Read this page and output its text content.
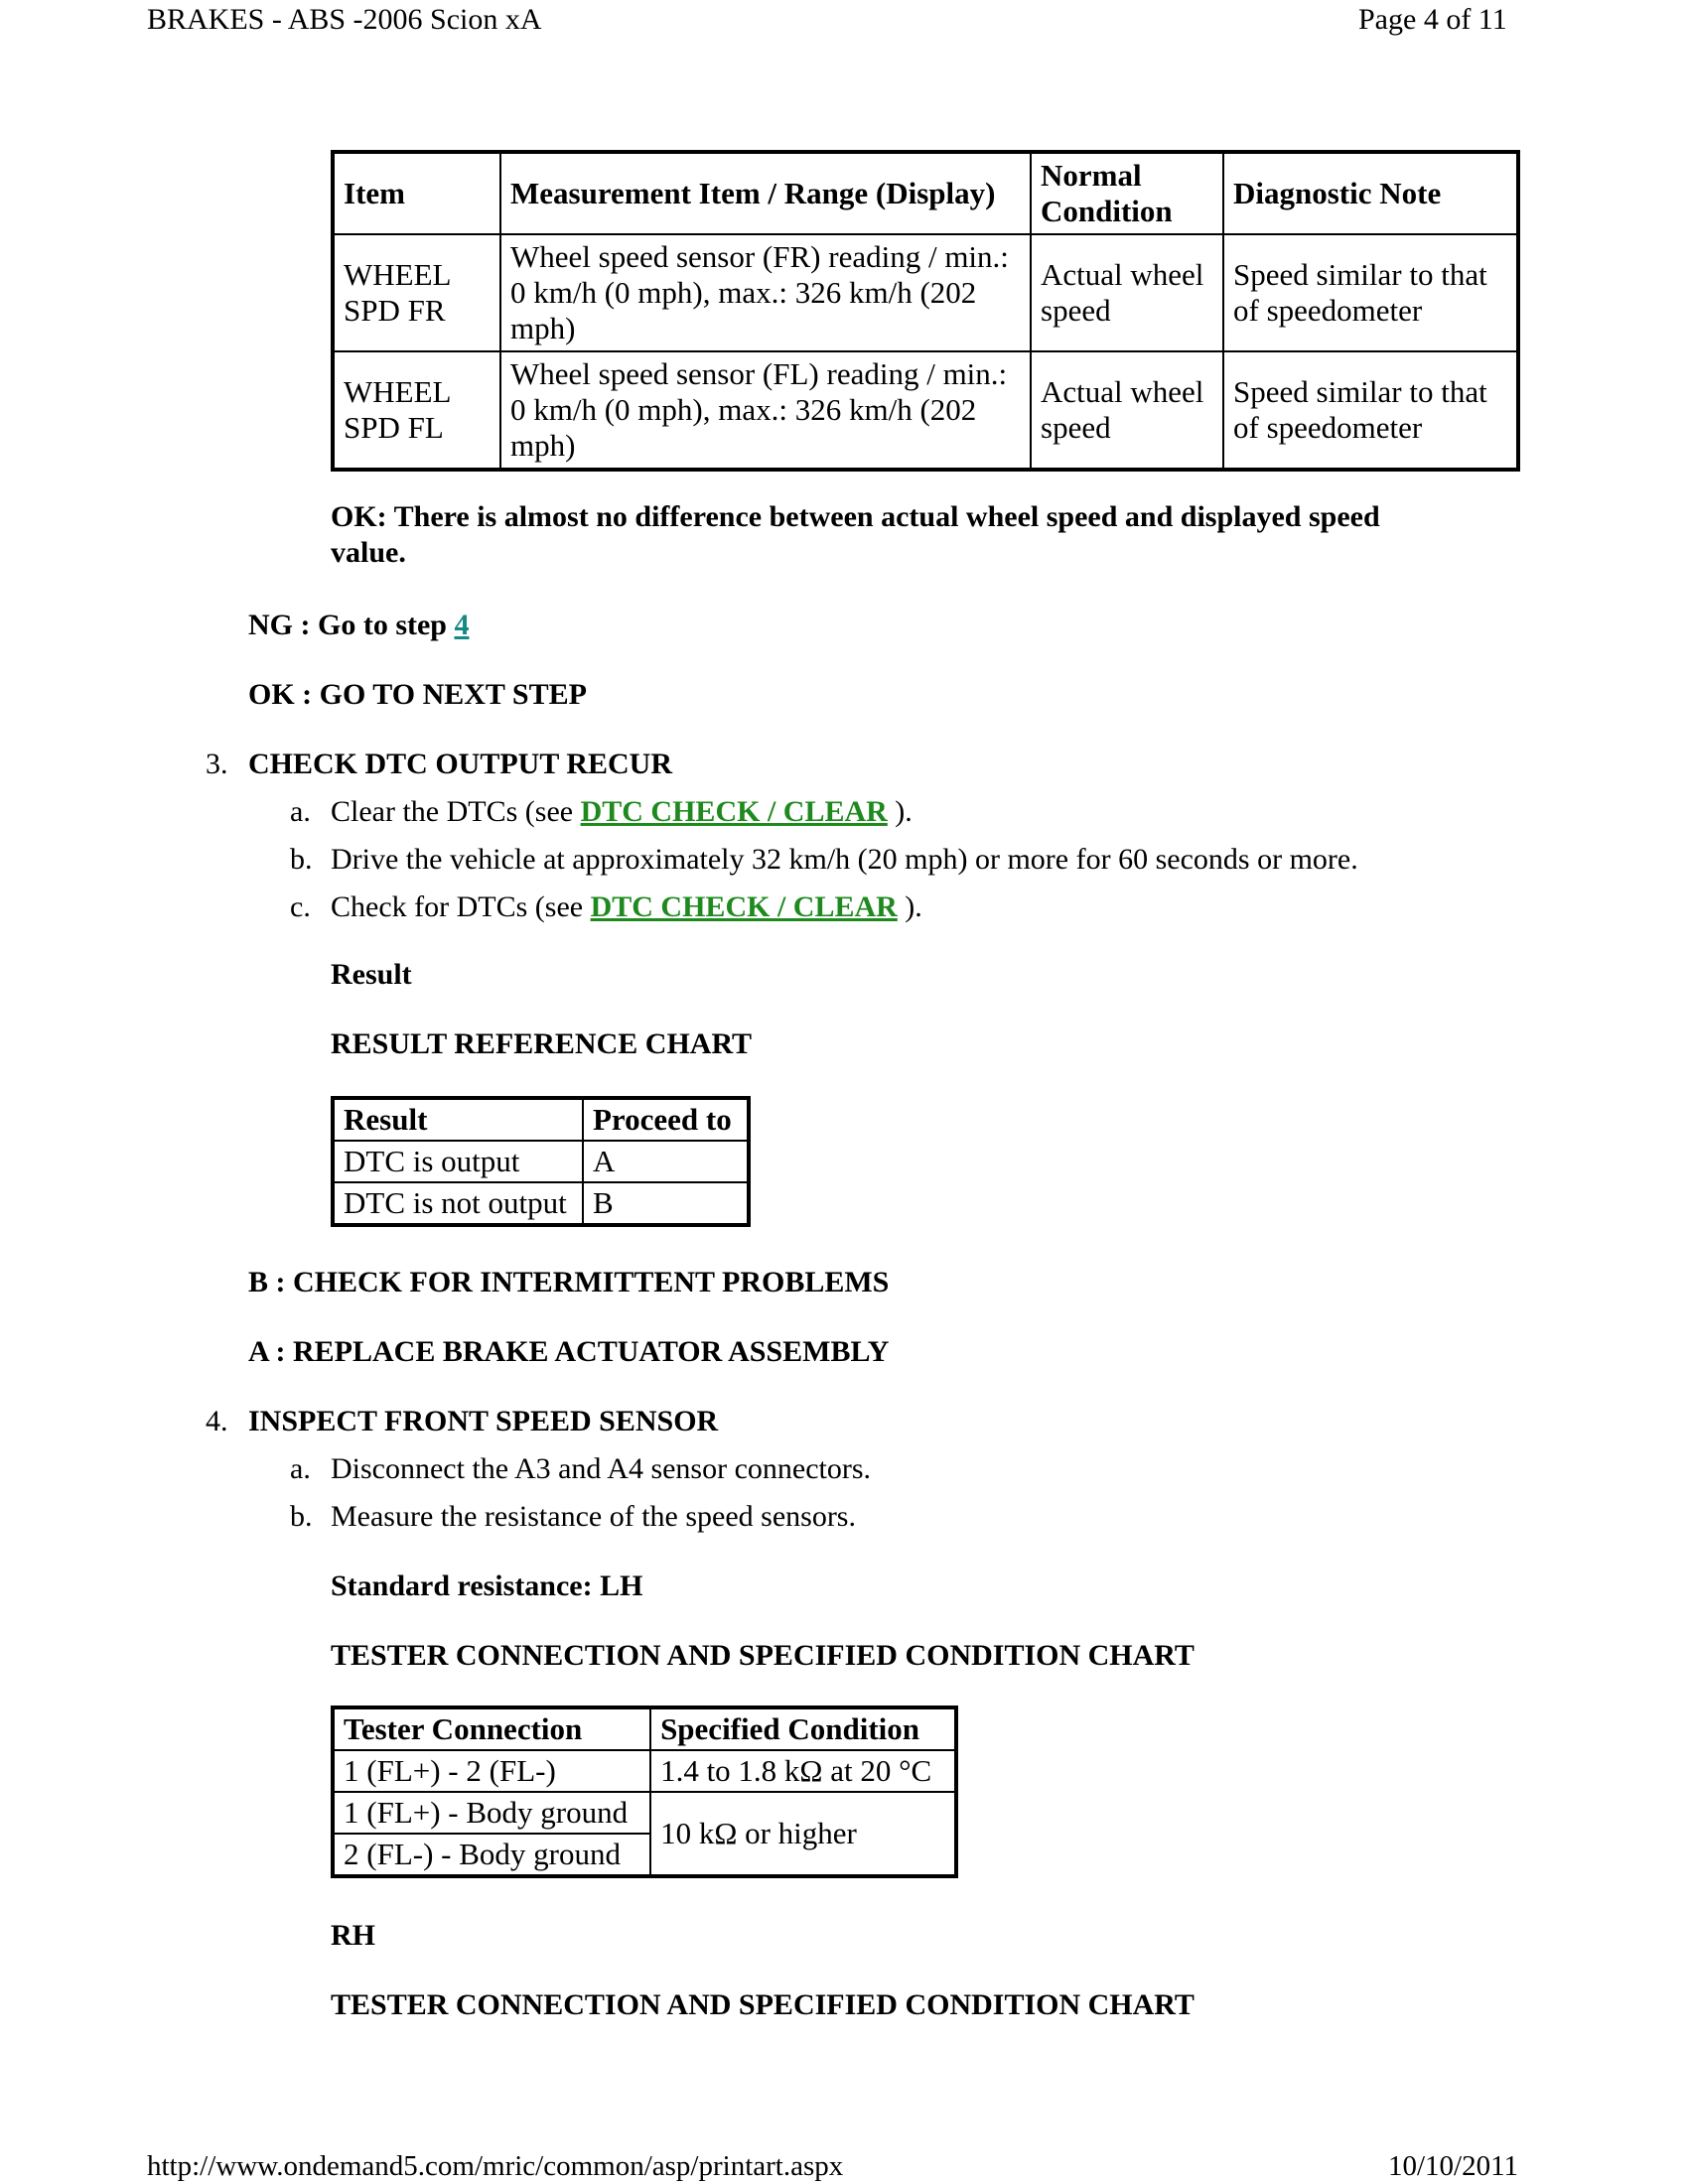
BRAKES - ABS -2006 Scion xA	Page 4 of 11
Item	Measurement Item / Range (Display)	Normal Condition	Diagnostic Note
WHEEL SPD FR	Wheel speed sensor (FR) reading / min.: 0 km/h (0 mph), max.: 326 km/h (202 mph)	Actual wheel speed	Speed similar to that of speedometer
WHEEL SPD FL	Wheel speed sensor (FL) reading / min.: 0 km/h (0 mph), max.: 326 km/h (202 mph)	Actual wheel speed	Speed similar to that of speedometer
OK: There is almost no difference between actual wheel speed and displayed speed
value.
NG : Go to step 4
OK : GO TO NEXT STEP
3. CHECK DTC OUTPUT RECUR
a. Clear the DTCs (see DTC CHECK / CLEAR ).
b. Drive the vehicle at approximately 32 km/h (20 mph) or more for 60 seconds or more.
c. Check for DTCs (see DTC CHECK / CLEAR ).
Result
RESULT REFERENCE CHART
Result	Proceed to
DTC is output	A
DTC is not output	B
B : CHECK FOR INTERMITTENT PROBLEMS
A : REPLACE BRAKE ACTUATOR ASSEMBLY
4. INSPECT FRONT SPEED SENSOR
a. Disconnect the A3 and A4 sensor connectors.
b. Measure the resistance of the speed sensors.
Standard resistance: LH
TESTER CONNECTION AND SPECIFIED CONDITION CHART
Tester Connection	Specified Condition
1 (FL+) - 2 (FL-)	1.4 to 1.8 kΩ at 20 °C
1 (FL+) - Body ground	10 kΩ or higher
2 (FL-) - Body ground	
RH
TESTER CONNECTION AND SPECIFIED CONDITION CHART
http://www.ondemand5.com/mric/common/asp/printart.aspx	10/10/2011
